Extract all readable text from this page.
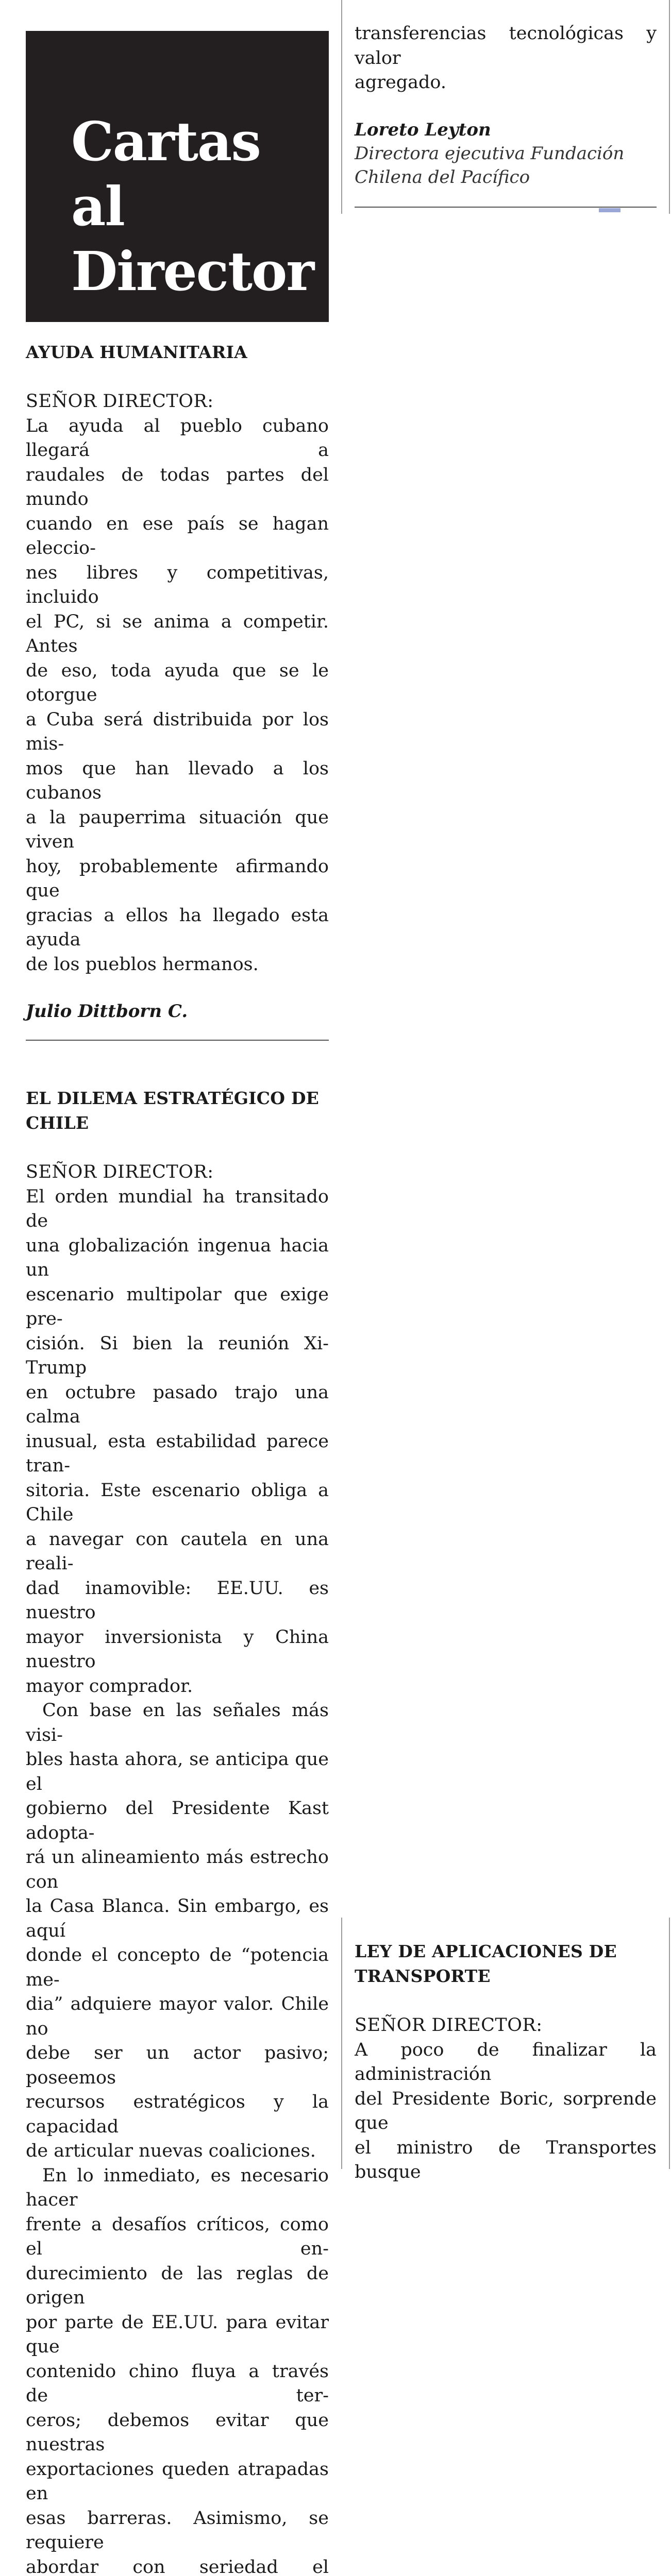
Cartas al
Director
transferencias tecnológicas y valor
agregado.

Loreto Leyton

Directora ejecutiva Fundación

Chilena del Pacífico

AYUDA HUMANITARIA

SEÑOR DIRECTOR:

La ayuda al pueblo cubano llegará a
raudales de todas partes del mundo
cuando en ese país se hagan eleccio-
nes libres y competitivas, incluido
el PC, si se anima a competir. Antes
de eso, toda ayuda que se le otorgue
a Cuba será distribuida por los mis-
mos que han llevado a los cubanos
a la pauperrima situación que viven
hoy, probablemente afirmando que
gracias a ellos ha llegado esta ayuda
de los pueblos hermanos.

Julio Dittborn C.

EL DILEMA ESTRATÉGICO DE
CHILE

SEÑOR DIRECTOR:

El orden mundial ha transitado de
una globalización ingenua hacia un
escenario multipolar que exige pre-
cisión. Si bien la reunión Xi-Trump
en octubre pasado trajo una calma
inusual, esta estabilidad parece tran-
sitoria. Este escenario obliga a Chile
a navegar con cautela en una reali-
dad inamovible: EE.UU. es nuestro
mayor inversionista y China nuestro
mayor comprador.
Con base en las señales más visi-
bles hasta ahora, se anticipa que el
gobierno del Presidente Kast adopta-
rá un alineamiento más estrecho con
la Casa Blanca. Sin embargo, es aquí
donde el concepto de “potencia me-
dia” adquiere mayor valor. Chile no
debe ser un actor pasivo; poseemos
recursos estratégicos y la capacidad
de articular nuevas coaliciones.
En lo inmediato, es necesario hacer
frente a desafíos críticos, como el en-
durecimiento de las reglas de origen
por parte de EE.UU. para evitar que
contenido chino fluya a través de ter-
ceros; debemos evitar que nuestras
exportaciones queden atrapadas en
esas barreras. Asimismo, se requiere
abordar con seriedad el
LEY DE APLICACIONES DE
TRANSPORTE

SEÑOR DIRECTOR:

A poco de finalizar la administración
del Presidente Boric, sorprende que
el ministro de Transportes busque
